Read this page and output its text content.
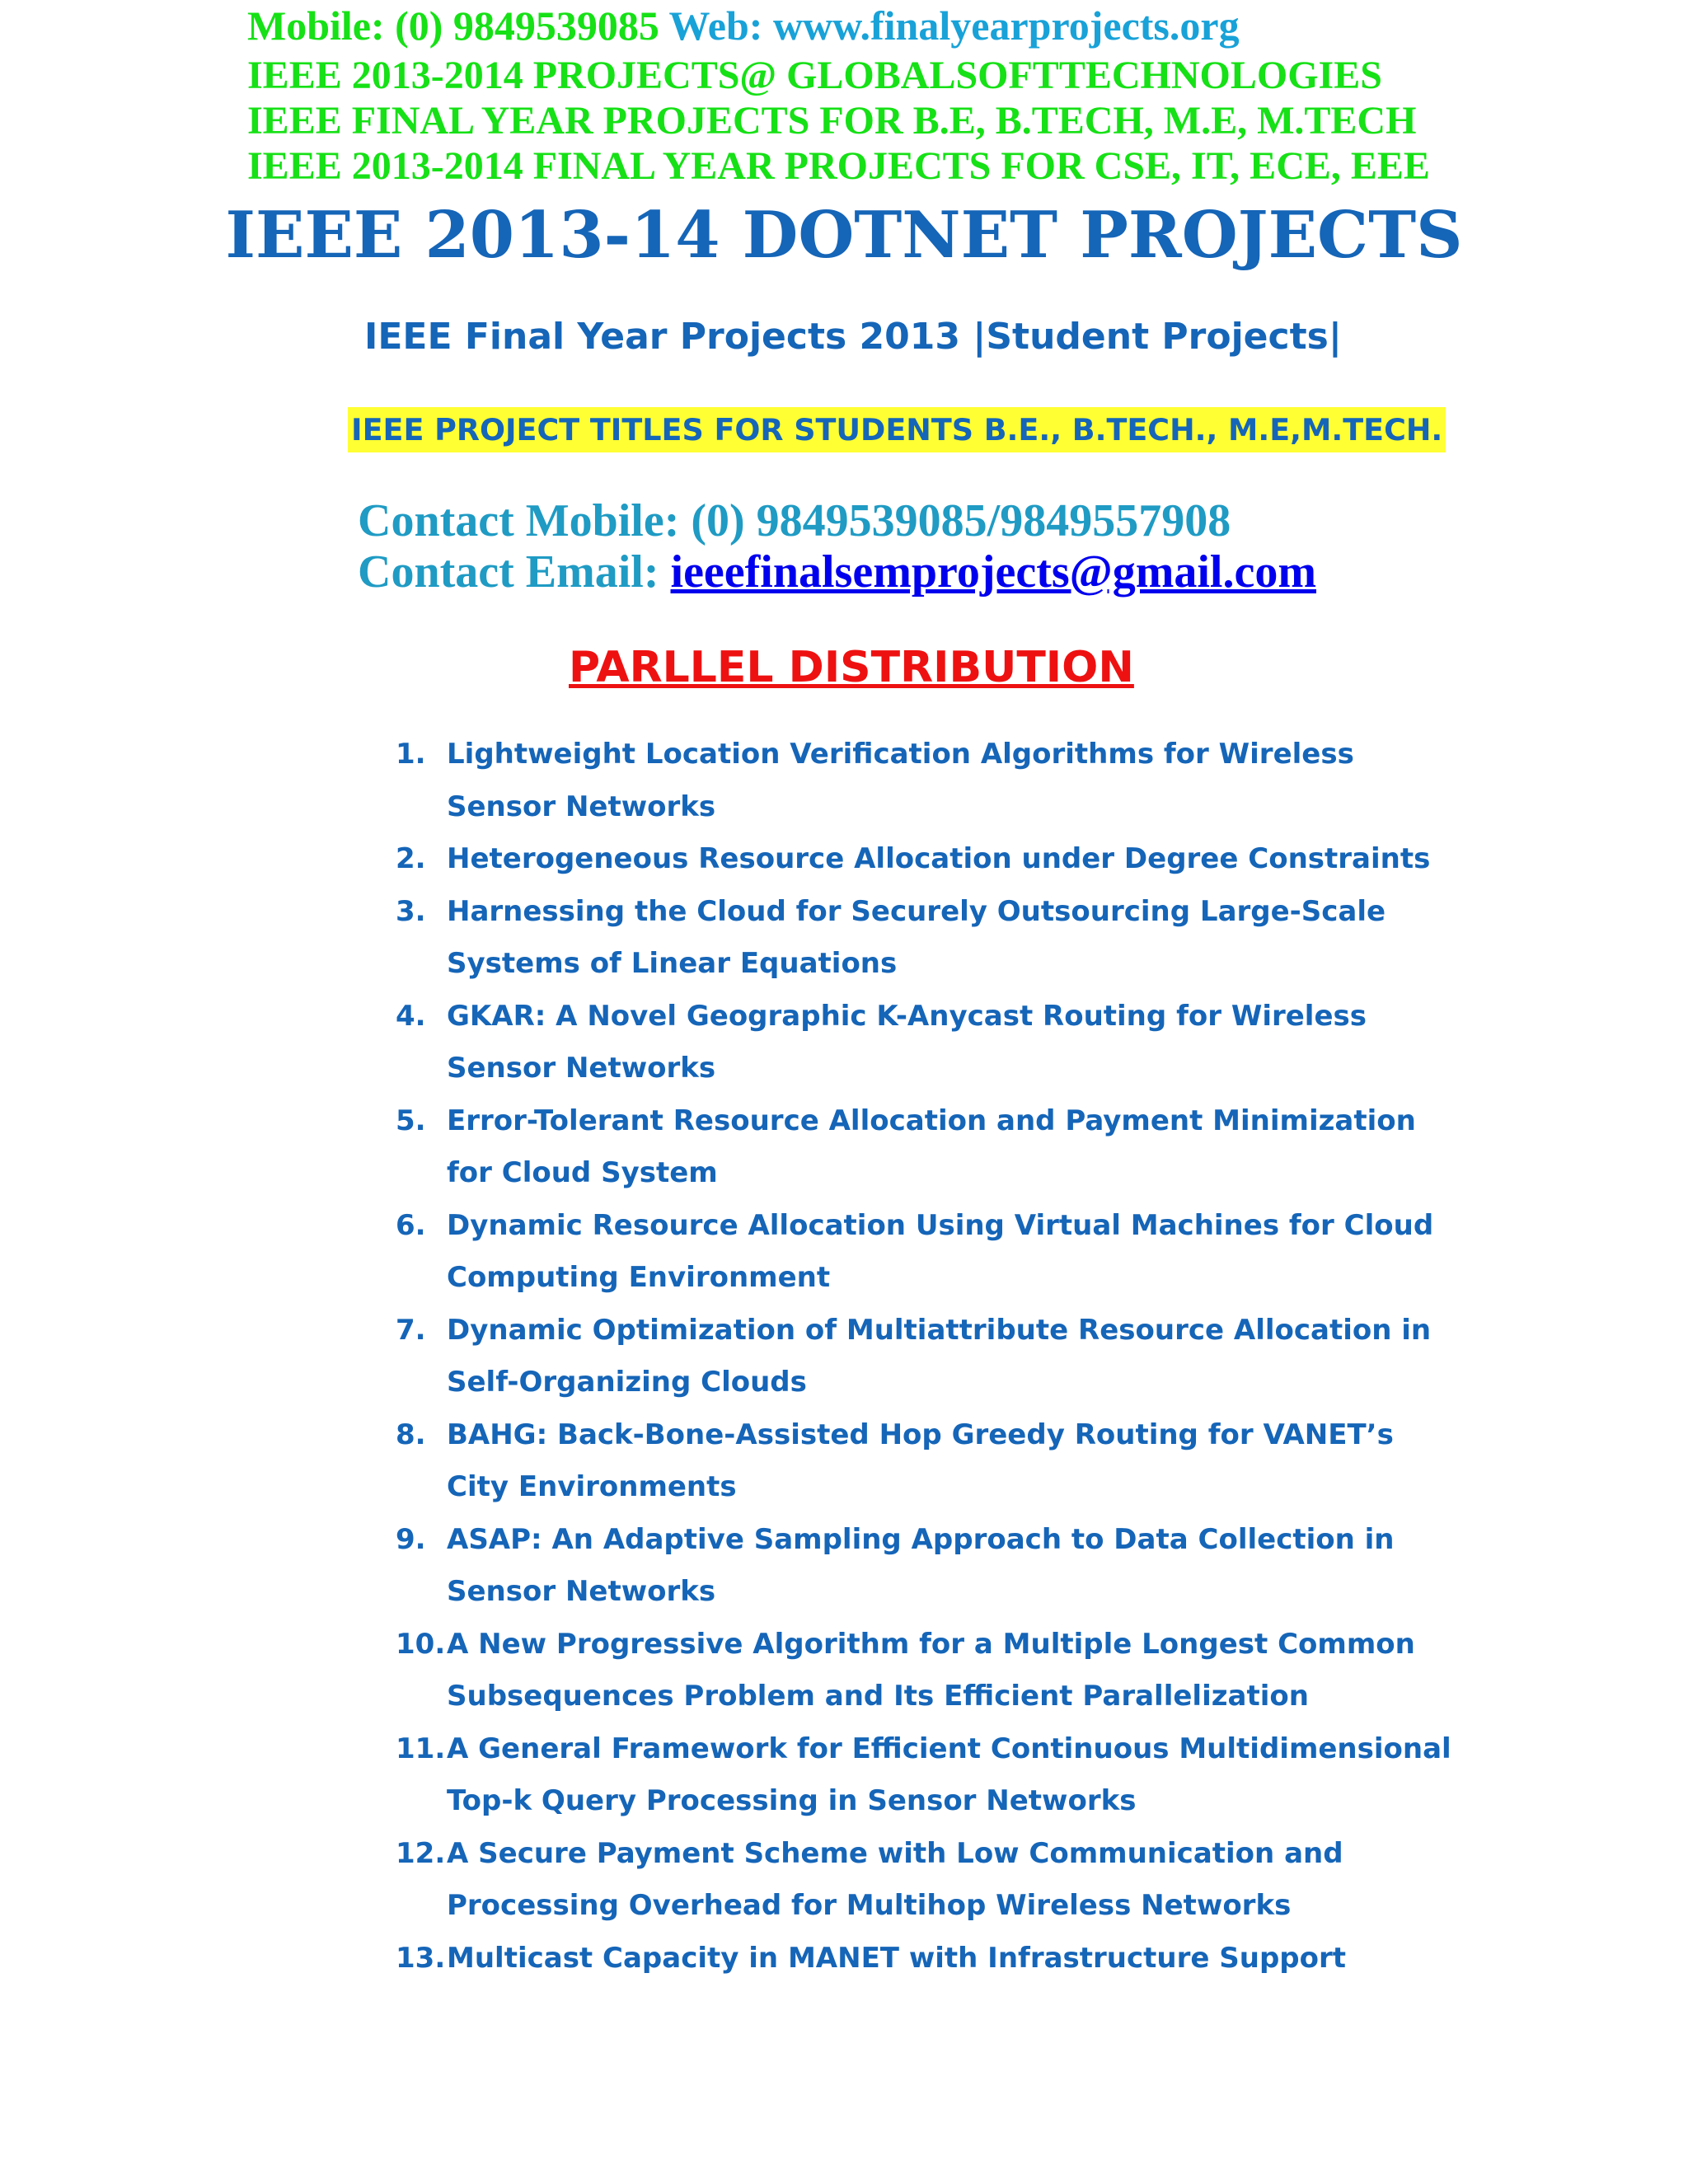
Mobile: (0) 9849539085 Web: www.finalyearprojects.org
IEEE 2013-2014 PROJECTS@ GLOBALSOFTTECHNOLOGIES
IEEE FINAL YEAR PROJECTS FOR B.E, B.TECH, M.E, M.TECH
IEEE 2013-2014 FINAL YEAR PROJECTS FOR CSE, IT, ECE, EEE
IEEE 2013-14 DOTNET PROJECTS
IEEE Final Year Projects 2013 |Student Projects|
IEEE PROJECT TITLES FOR STUDENTS B.E., B.TECH., M.E,M.TECH.
Contact Mobile: (0) 9849539085/9849557908
Contact Email: ieeefinalsemprojects@gmail.com
PARLLEL DISTRIBUTION
1. Lightweight Location Verification Algorithms for Wireless Sensor Networks
2. Heterogeneous Resource Allocation under Degree Constraints
3. Harnessing the Cloud for Securely Outsourcing Large-Scale Systems of Linear Equations
4. GKAR: A Novel Geographic K-Anycast Routing for Wireless Sensor Networks
5. Error-Tolerant Resource Allocation and Payment Minimization for Cloud System
6. Dynamic Resource Allocation Using Virtual Machines for Cloud Computing Environment
7. Dynamic Optimization of Multiattribute Resource Allocation in Self-Organizing Clouds
8. BAHG: Back-Bone-Assisted Hop Greedy Routing for VANET’s City Environments
9. ASAP: An Adaptive Sampling Approach to Data Collection in Sensor Networks
10. A New Progressive Algorithm for a Multiple Longest Common Subsequences Problem and Its Efficient Parallelization
11. A General Framework for Efficient Continuous Multidimensional Top-k Query Processing in Sensor Networks
12. A Secure Payment Scheme with Low Communication and Processing Overhead for Multihop Wireless Networks
13. Multicast Capacity in MANET with Infrastructure Support
